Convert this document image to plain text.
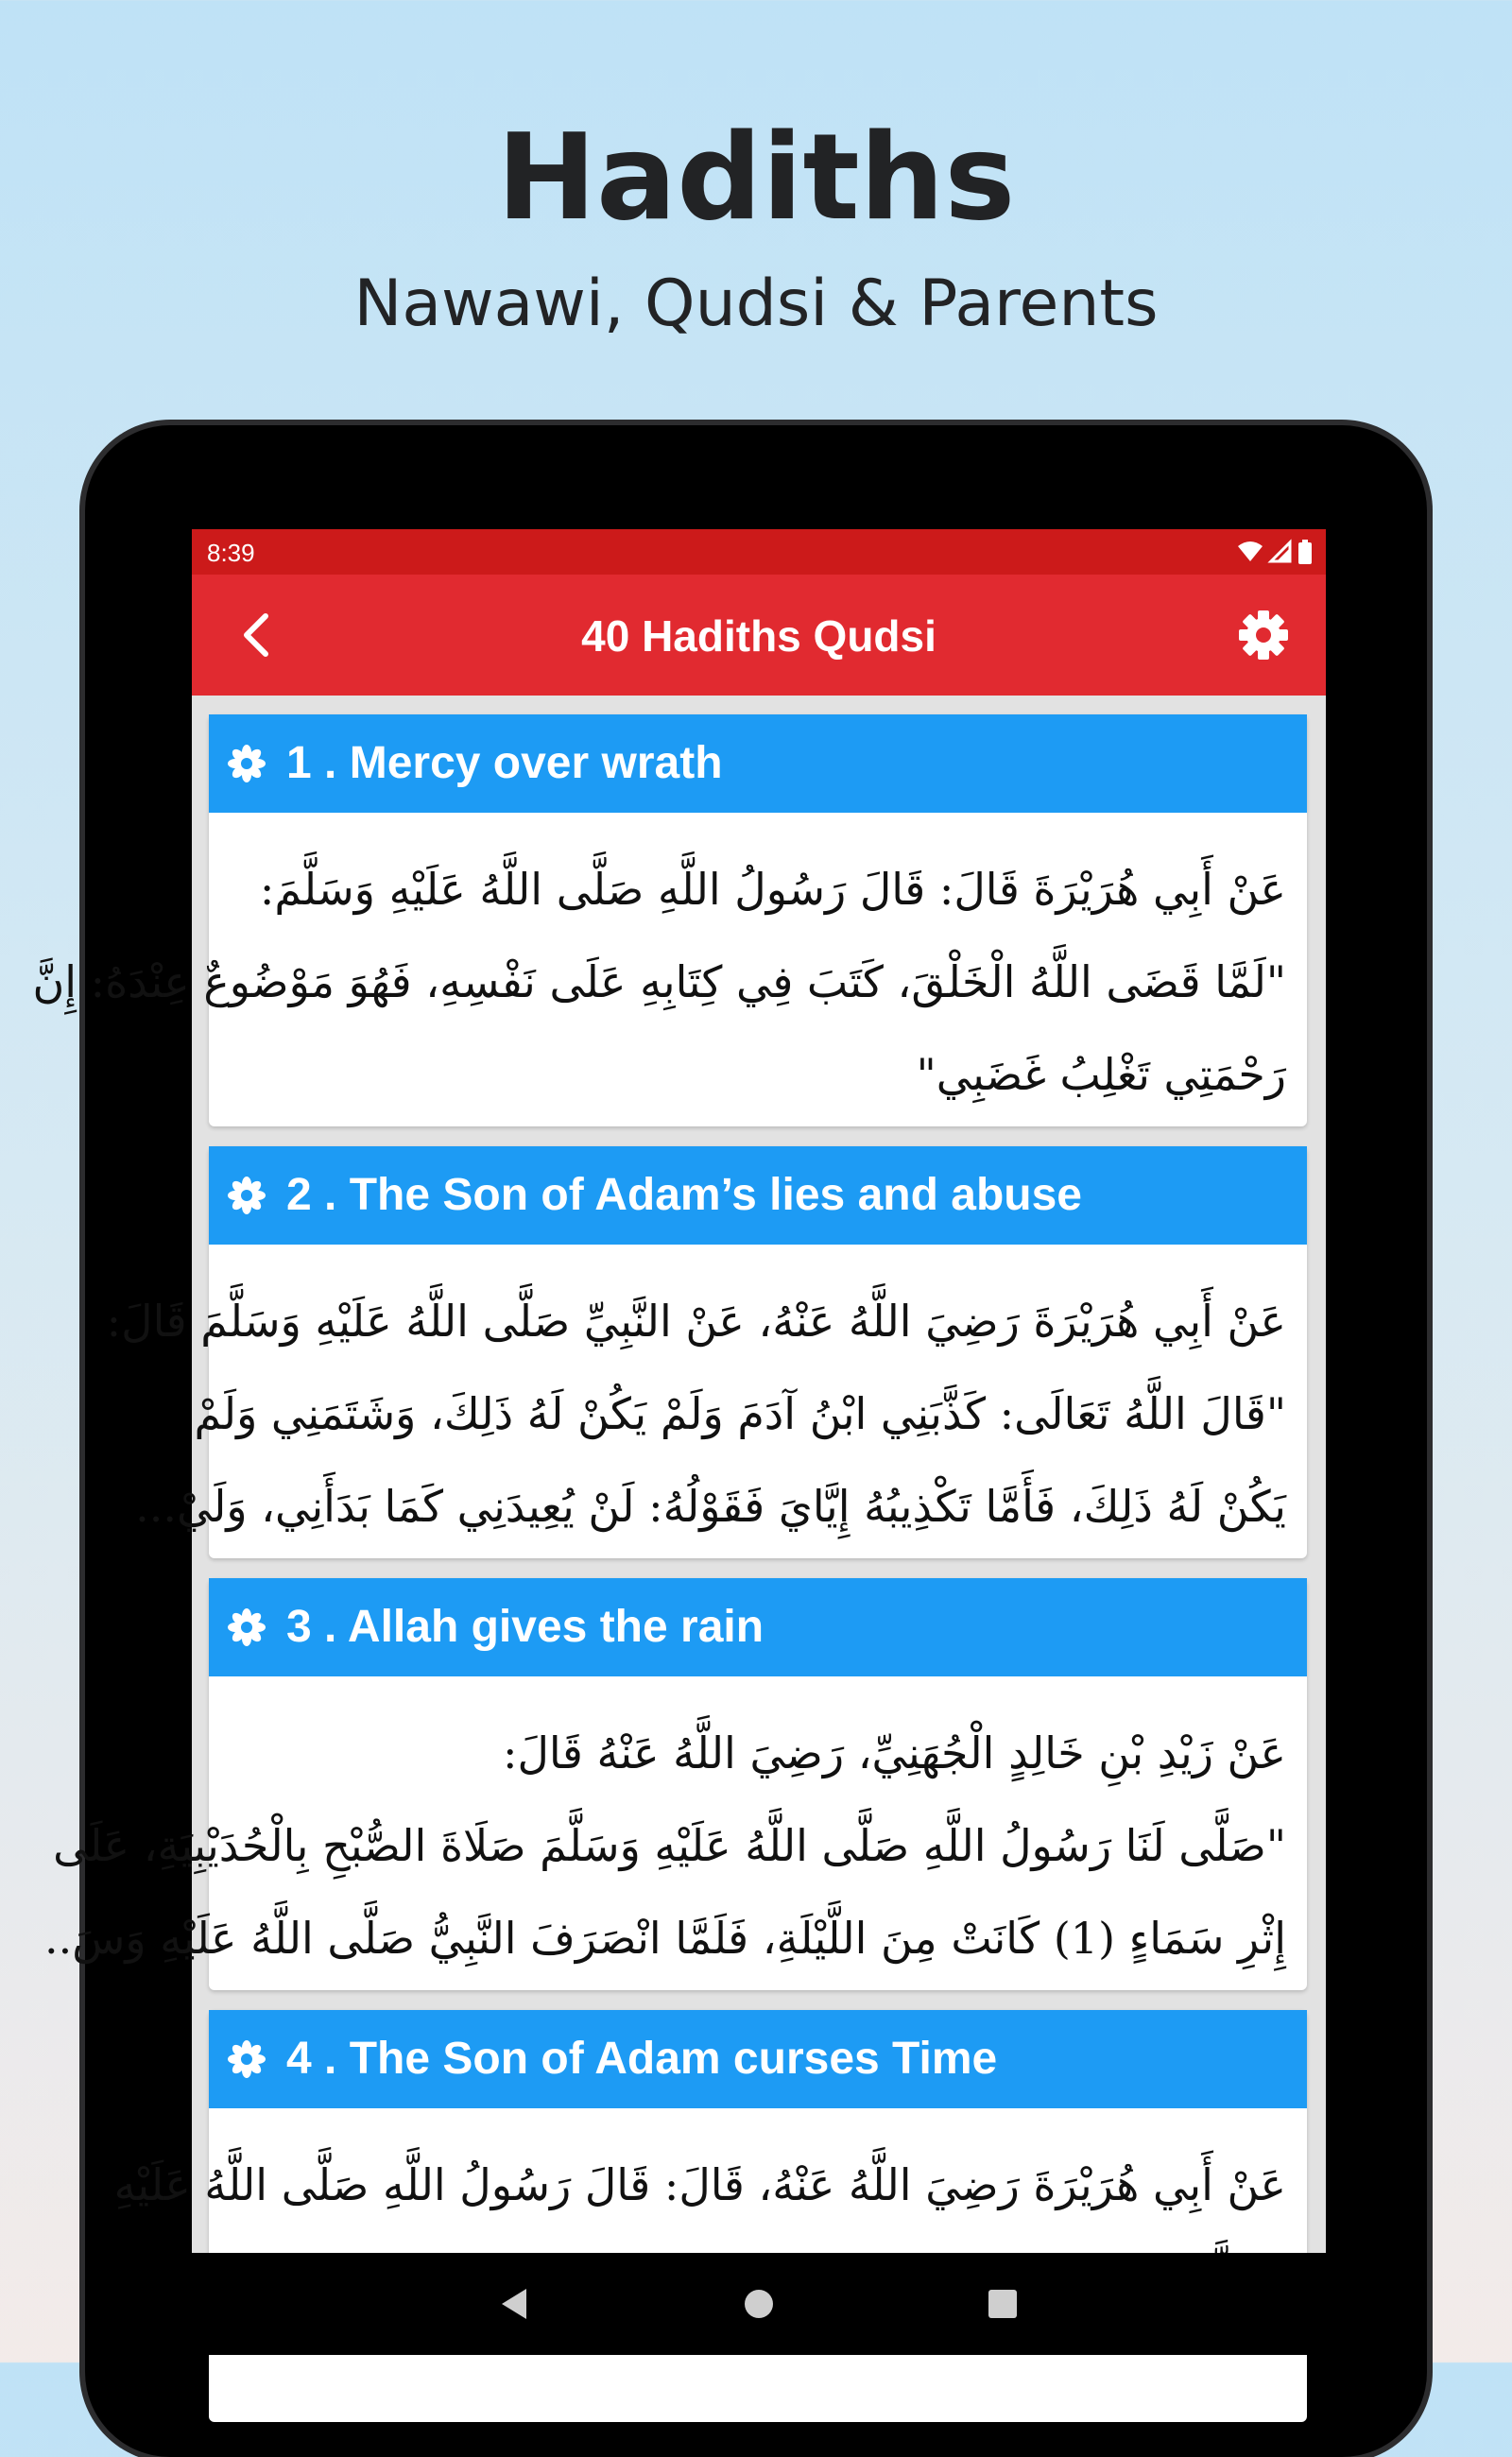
Hadiths
Nawawi, Qudsi & Parents
8:39
40 Hadiths Qudsi
1 . Mercy over wrath

عَنْ أَبِي هُرَيْرَةَ قَالَ: قَالَ رَسُولُ اللَّهِ صَلَّى اللَّهُ عَلَيْهِ وَسَلَّمَ:

"لَمَّا قَضَى اللَّهُ الْخَلْقَ، كَتَبَ فِي كِتَابِهِ عَلَى نَفْسِهِ، فَهُوَ مَوْضُوعٌ عِنْدَهُ: إِنَّ

رَحْمَتِي تَغْلِبُ غَضَبِي"

2 . The Son of Adam’s lies and abuse

عَنْ أَبِي هُرَيْرَةَ رَضِيَ اللَّهُ عَنْهُ، عَنْ النَّبِيِّ صَلَّى اللَّهُ عَلَيْهِ وَسَلَّمَ قَالَ:

"قَالَ اللَّهُ تَعَالَى: كَذَّبَنِي ابْنُ آدَمَ وَلَمْ يَكُنْ لَهُ ذَلِكَ، وَشَتَمَنِي وَلَمْ

يَكُنْ لَهُ ذَلِكَ، فَأَمَّا تَكْذِيبُهُ إِيَّايَ فَقَوْلُهُ: لَنْ يُعِيدَنِي كَمَا بَدَأَنِي، وَلَيْ...

3 . Allah gives the rain

عَنْ زَيْدِ بْنِ خَالِدٍ الْجُهَنِيِّ، رَضِيَ اللَّهُ عَنْهُ قَالَ:

"صَلَّى لَنَا رَسُولُ اللَّهِ صَلَّى اللَّهُ عَلَيْهِ وَسَلَّمَ صَلَاةَ الصُّبْحِ بِالْحُدَيْبِيَةِ، عَلَى

إِثْرِ سَمَاءٍ (1) كَانَتْ مِنَ اللَّيْلَةِ، فَلَمَّا انْصَرَفَ النَّبِيُّ صَلَّى اللَّهُ عَلَيْهِ وَسَ..

4 . The Son of Adam curses Time

عَنْ أَبِي هُرَيْرَةَ رَضِيَ اللَّهُ عَنْهُ، قَالَ: قَالَ رَسُولُ اللَّهِ صَلَّى اللَّهُ عَلَيْهِ
